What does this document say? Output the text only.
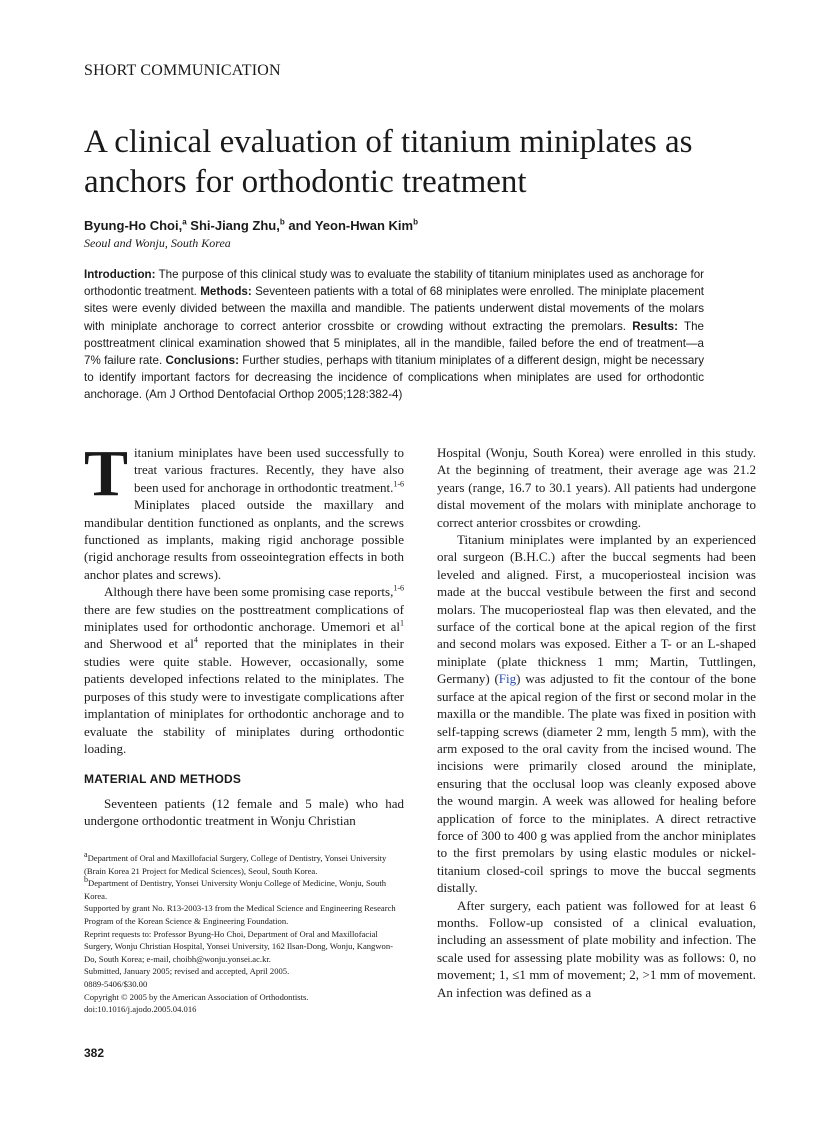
SHORT COMMUNICATION
A clinical evaluation of titanium miniplates as anchors for orthodontic treatment
Byung-Ho Choi,$^a$ Shi-Jiang Zhu,$^b$ and Yeon-Hwan Kim$^b$
Seoul and Wonju, South Korea

Introduction: The purpose of this clinical study was to evaluate the stability of titanium miniplates used as anchorage for orthodontic treatment. Methods: Seventeen patients with a total of 68 miniplates were enrolled. The miniplate placement sites were evenly divided between the maxilla and mandible. The patients underwent distal movements of the molars with miniplate anchorage to correct anterior crossbite or crowding without extracting the premolars. Results: The posttreatment clinical examination showed that 5 miniplates, all in the mandible, failed before the end of treatment—a 7% failure rate. Conclusions: Further studies, perhaps with titanium miniplates of a different design, might be necessary to identify important factors for decreasing the incidence of complications when miniplates are used for orthodontic anchorage. (Am J Orthod Dentofacial Orthop 2005;128:382-4)

Titanium miniplates have been used successfully to treat various fractures. Recently, they have also been used for anchorage in orthodontic treatment.$^{1-6}$ Miniplates placed outside the maxillary and mandibular dentition functioned as onplants, and the screws functioned as implants, making rigid anchorage possible (rigid anchorage results from osseointegration effects in both anchor plates and screws).

Although there have been some promising case reports,$^{1-6}$ there are few studies on the posttreatment complications of miniplates used for orthodontic anchorage. Umemori et $al^1$ and Sherwood et $al^4$ reported that the miniplates in their studies were quite stable. However, occasionally, some patients developed infections related to the miniplates. The purposes of this study were to investigate complications after implantation of miniplates for orthodontic anchorage and to evaluate the stability of miniplates during orthodontic loading.

MATERIAL AND METHODS

Seventeen patients (12 female and 5 male) who had undergone orthodontic treatment in Wonju Christian

Hospital (Wonju, South Korea) were enrolled in this study. At the beginning of treatment, their average age was 21.2 years (range, 16.7 to 30.1 years). All patients had undergone distal movement of the molars with miniplate anchorage to correct anterior crossbites or crowding.

Titanium miniplates were implanted by an experienced oral surgeon (B.H.C.) after the buccal segments had been leveled and aligned. First, a mucoperiosteal incision was made at the buccal vestibule between the first and second molars. The mucoperiosteal flap was then elevated, and the surface of the cortical bone at the apical region of the first and second molars was exposed. Either a T- or an L-shaped miniplate (plate thickness 1 mm; Martin, Tuttlingen, Germany) (Fig) was adjusted to fit the contour of the bone surface at the apical region of the first or second molar in the maxilla or the mandible. The plate was fixed in position with self-tapping screws (diameter 2 mm, length 5 mm), with the arm exposed to the oral cavity from the incised wound. The incisions were primarily closed around the miniplate, ensuring that the occlusal loop was cleanly exposed above the wound margin. A week was allowed for healing before application of force to the miniplates. A direct retractive force of 300 to 400 g was applied from the anchor miniplates to the first premolars by using elastic modules or nickel-titanium closed-coil springs to move the buccal segments distally.

After surgery, each patient was followed for at least 6 months. Follow-up consisted of a clinical evaluation, including an assessment of plate mobility and infection. The scale used for assessing plate mobility was as follows: 0, no movement; 1, ≤1 mm of movement; 2, >1 mm of movement. An infection was defined as a

$^a$Department of Oral and Maxillofacial Surgery, College of Dentistry, Yonsei University (Brain Korea 21 Project for Medical Sciences), Seoul, South Korea.
$^b$Department of Dentistry, Yonsei University Wonju College of Medicine, Wonju, South Korea.
Supported by grant No. R13-2003-13 from the Medical Science and Engineering Research Program of the Korean Science & Engineering Foundation.
Reprint requests to: Professor Byung-Ho Choi, Department of Oral and Maxillofacial Surgery, Wonju Christian Hospital, Yonsei University, 162 Ilsan-Dong, Wonju, Kangwon-Do, South Korea; e-mail, choibh@wonju.yonsei.ac.kr.
Submitted, January 2005; revised and accepted, April 2005.
0889-5406/$30.00
Copyright © 2005 by the American Association of Orthodontists.
doi:10.1016/j.ajodo.2005.04.016
382
